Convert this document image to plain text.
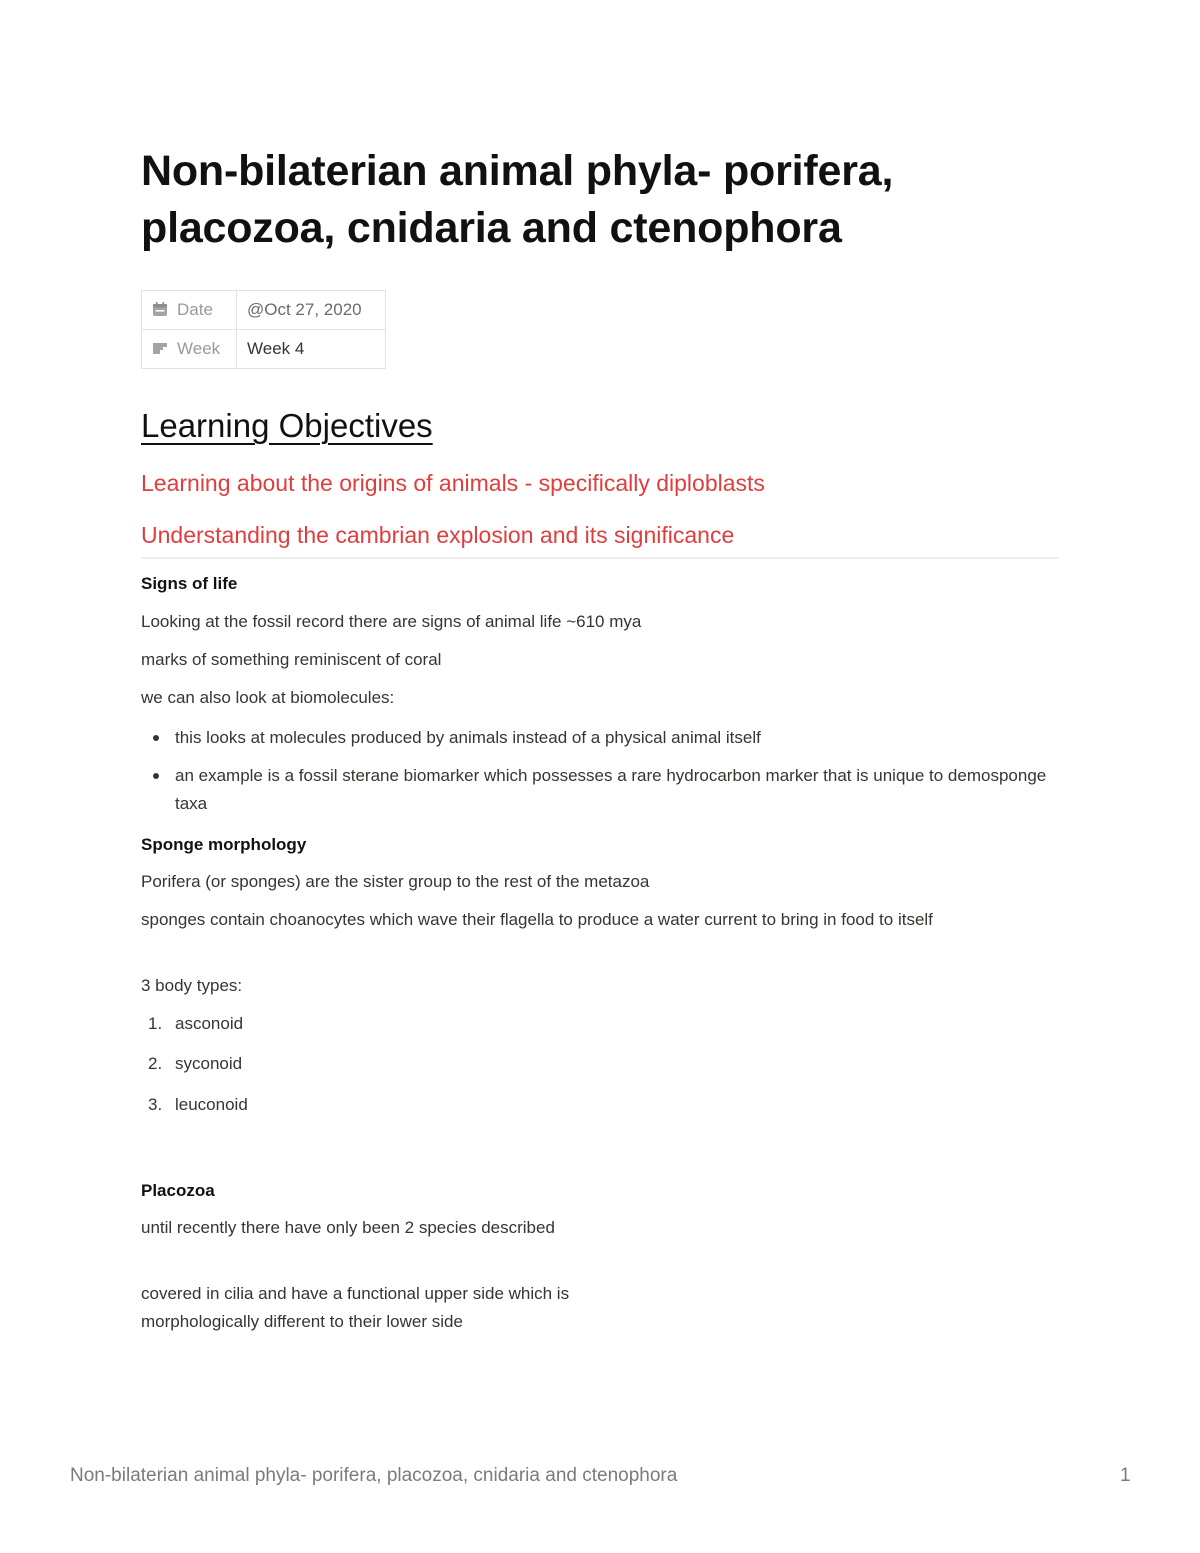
Non-bilaterian animal phyla- porifera, placozoa, cnidaria and ctenophora
Date	@Oct 27, 2020
Week	Week 4
Learning Objectives
Learning about the origins of animals - specifically diploblasts
Understanding the cambrian explosion and its significance

Signs of life

Looking at the fossil record there are signs of animal life ~610 mya

marks of something reminiscent of coral

we can also look at biomolecules:

this looks at molecules produced by animals instead of a physical animal itself

an example is a fossil sterane biomarker which possesses a rare hydrocarbon marker that is unique to demosponge taxa

Sponge morphology

Porifera (or sponges) are the sister group to the rest of the metazoa

sponges contain choanocytes which wave their flagella to produce a water current to bring in food to itself

3 body types:

1. asconoid

2. syconoid

3. leuconoid

Placozoa

until recently there have only been 2 species described

covered in cilia and have a functional upper side which is morphologically different to their lower side

Non-bilaterian animal phyla- porifera, placozoa, cnidaria and ctenophora	1
